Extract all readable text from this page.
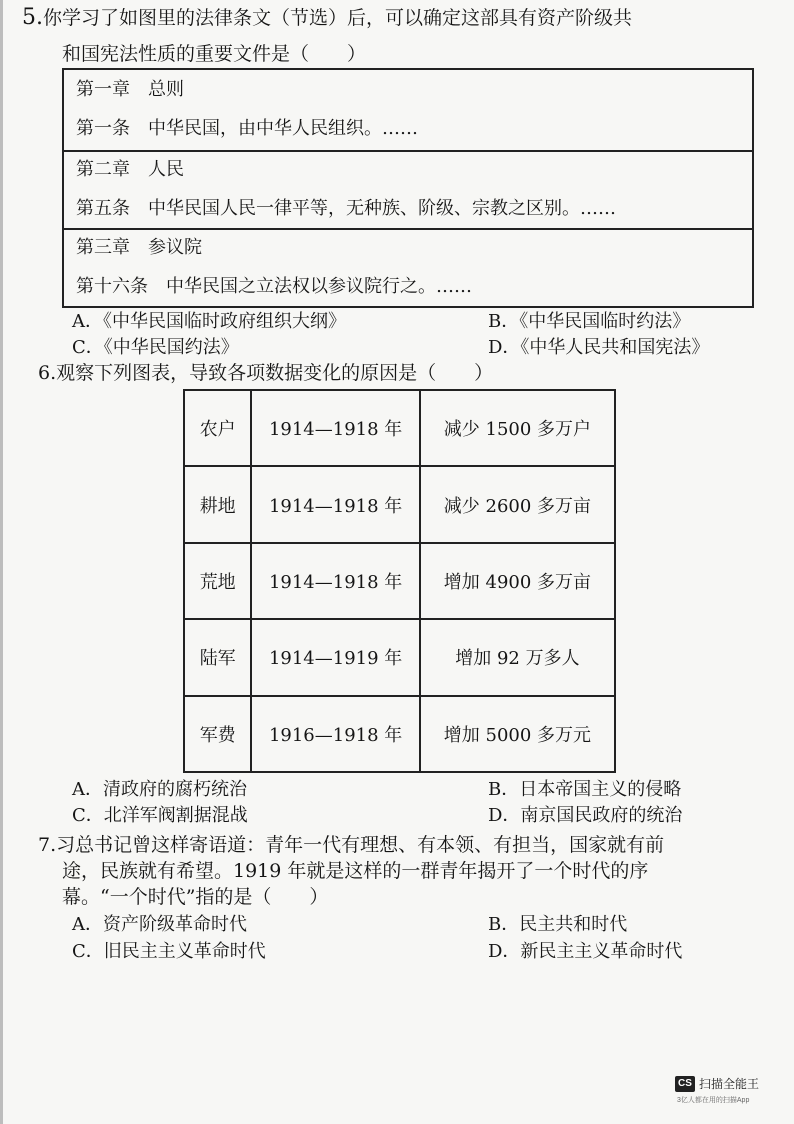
5.你学习了如图里的法律条文（节选）后，可以确定这部具有资产阶级共
和国宪法性质的重要文件是（　　）
第一章　总则
第一条　中华民国，由中华人民组织。……
第二章　人民
第五条　中华民国人民一律平等，无种族、阶级、宗教之区别。……
第三章　参议院
第十六条　中华民国之立法权以参议院行之。……
A．《中华民国临时政府组织大纲》	B．《中华民国临时约法》
C．《中华民国约法》	D．《中华人民共和国宪法》
6.观察下列图表，导致各项数据变化的原因是（　　）
农户	1914—1918 年	减少 1500 多万户
耕地	1914—1918 年	减少 2600 多万亩
荒地	1914—1918 年	增加 4900 多万亩
陆军	1914—1919 年	增加 92 万多人
军费	1916—1918 年	增加 5000 多万元
A．清政府的腐朽统治	B．日本帝国主义的侵略
C．北洋军阀割据混战	D．南京国民政府的统治
7.习总书记曾这样寄语道：青年一代有理想、有本领、有担当，国家就有前
途，民族就有希望。1919 年就是这样的一群青年揭开了一个时代的序
幕。“一个时代”指的是（　　）
A．资产阶级革命时代	B．民主共和时代
C．旧民主主义革命时代	D．新民主主义革命时代
CS 扫描全能王
3亿人都在用的扫描App
